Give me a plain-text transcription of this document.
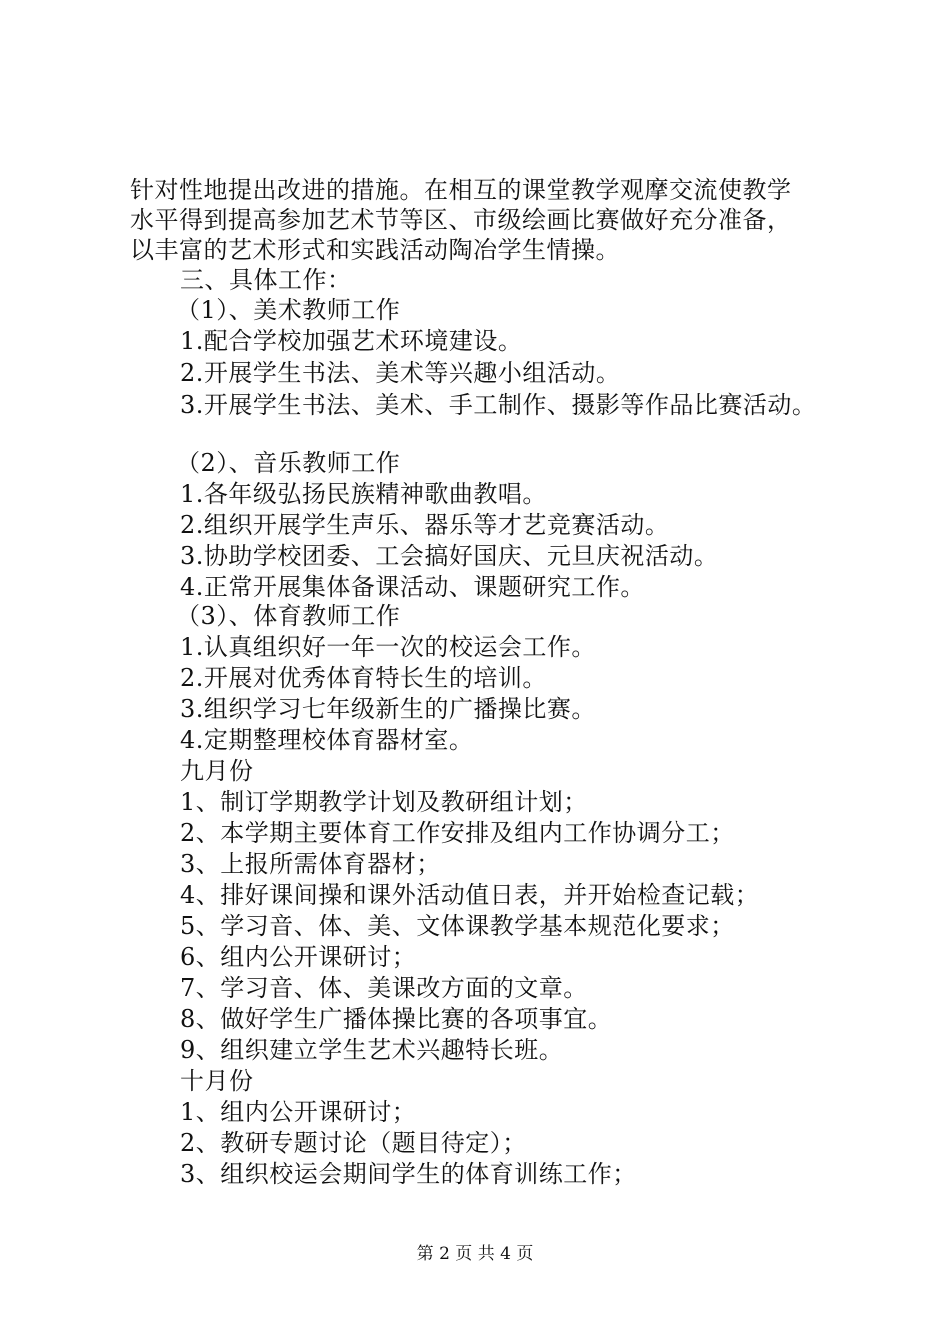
针对性地提出改进的措施。在相互的课堂教学观摩交流使教学
水平得到提高参加艺术节等区、市级绘画比赛做好充分准备，
以丰富的艺术形式和实践活动陶冶学生情操。
三、具体工作：
（1）、美术教师工作
1.配合学校加强艺术环境建设。
2.开展学生书法、美术等兴趣小组活动。
3.开展学生书法、美术、手工制作、摄影等作品比赛活动。
（2）、音乐教师工作
1.各年级弘扬民族精神歌曲教唱。
2.组织开展学生声乐、器乐等才艺竞赛活动。
3.协助学校团委、工会搞好国庆、元旦庆祝活动。
4.正常开展集体备课活动、课题研究工作。
（3）、体育教师工作
1.认真组织好一年一次的校运会工作。
2.开展对优秀体育特长生的培训。
3.组织学习七年级新生的广播操比赛。
4.定期整理校体育器材室。
九月份
1、制订学期教学计划及教研组计划；
2、本学期主要体育工作安排及组内工作协调分工；
3、上报所需体育器材；
4、排好课间操和课外活动值日表，并开始检查记载；
5、学习音、体、美、文体课教学基本规范化要求；
6、组内公开课研讨；
7、学习音、体、美课改方面的文章。
8、做好学生广播体操比赛的各项事宜。
9、组织建立学生艺术兴趣特长班。
十月份
1、组内公开课研讨；
2、教研专题讨论（题目待定）；
3、组织校运会期间学生的体育训练工作；
第 2 页 共 4 页
